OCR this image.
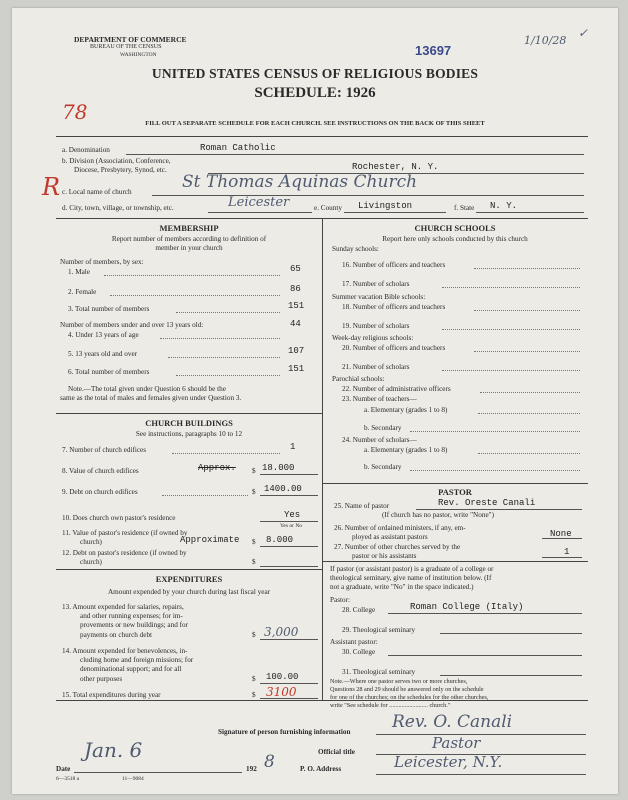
DEPARTMENT OF COMMERCE
BUREAU OF THE CENSUS
WASHINGTON	13697
1/10/28
✓
UNITED STATES CENSUS OF RELIGIOUS BODIES
SCHEDULE: 1926
78	FILL OUT A SEPARATE SCHEDULE FOR EACH CHURCH. SEE INSTRUCTIONS ON THE BACK OF THIS SHEET
a. Denomination	Roman Catholic
b. Division (Association, Conference,
Diocese, Presbytery, Synod, etc.	Rochester, N. Y.
R c. Local name of church	St Thomas Aquinas Church
d. City, town, village, or township, etc.	Leicester	e. County Livingston	f. State N. Y.
MEMBERSHIP
Report number of members according to definition of
member in your church
Number of members, by sex:
1. Male	65
2. Female	86
3. Total number of members	151
Number of members under and over 13 years old:	44
4. Under 13 years of age
5. 13 years old and over	107
6. Total number of members	151
Note.—The total given under Question 6 should be the
same as the total of males and females given under Question 3.
CHURCH BUILDINGS
See instructions, paragraphs 10 to 12
7. Number of church edifices	1
8. Value of church edifices	Approx. $ 18.000
9. Debt on church edifices	$ 1400.00
10. Does church own pastor's residence	Yes
Yes or No
11. Value of pastor's residence (if owned by
church)	Approximate $ 8.000
12. Debt on pastor's residence (if owned by
church)	$
EXPENDITURES
Amount expended by your church during last fiscal year
13. Amount expended for salaries, repairs,
and other running expenses; for im-
provements or new buildings; and for
payments on church debt	$ 3,000
14. Amount expended for benevolences, in-
cluding home and foreign missions; for
denominational support; and for all
other purposes	$ 100.00
15. Total expenditures during year	$ 3100
CHURCH SCHOOLS
Report here only schools conducted by this church
Sunday schools:
16. Number of officers and teachers
17. Number of scholars
Summer vacation Bible schools:
18. Number of officers and teachers
19. Number of scholars
Week-day religious schools:
20. Number of officers and teachers
21. Number of scholars
Parochial schools:
22. Number of administrative officers
23. Number of teachers—
a. Elementary (grades 1 to 8)
b. Secondary
24. Number of scholars—
a. Elementary (grades 1 to 8)
b. Secondary
PASTOR
25. Name of pastor	Rev. Oreste Canali
(If church has no pastor, write "None")
26. Number of ordained ministers, if any, em-
ployed as assistant pastors	None
27. Number of other churches served by the
pastor or his assistants	1
If pastor (or assistant pastor) is a graduate of a college or
theological seminary, give name of institution below. (If
not a graduate, write "No" in the space indicated.)
Pastor:
28. College	Roman College (Italy)
29. Theological seminary
Assistant pastor:
30. College
31. Theological seminary
Note.—Where one pastor serves two or more churches,
Questions 28 and 29 should be answered only on the schedule
for one of the churches; on the schedules for the other churches,
write "See schedule for ......................... church."
Signature of person furnishing information Rev. O. Canali
Official title	Pastor
Date
Jan. 6
192 8	P. O. Address	Leicester, N.Y.
6—3518 a	11—9084
